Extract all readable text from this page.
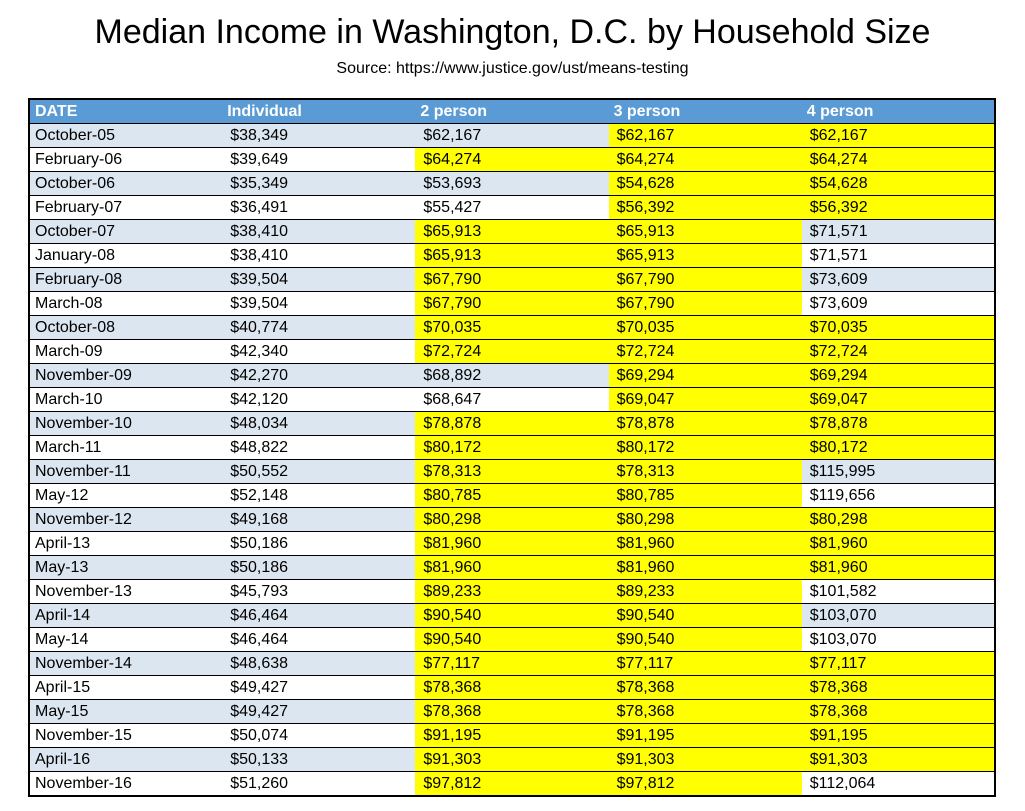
Median Income in Washington, D.C. by Household Size
Source: https://www.justice.gov/ust/means-testing
DATE	Individual	2 person	3 person	4 person
October-05	$38,349	$62,167	$62,167	$62,167
February-06	$39,649	$64,274	$64,274	$64,274
October-06	$35,349	$53,693	$54,628	$54,628
February-07	$36,491	$55,427	$56,392	$56,392
October-07	$38,410	$65,913	$65,913	$71,571
January-08	$38,410	$65,913	$65,913	$71,571
February-08	$39,504	$67,790	$67,790	$73,609
March-08	$39,504	$67,790	$67,790	$73,609
October-08	$40,774	$70,035	$70,035	$70,035
March-09	$42,340	$72,724	$72,724	$72,724
November-09	$42,270	$68,892	$69,294	$69,294
March-10	$42,120	$68,647	$69,047	$69,047
November-10	$48,034	$78,878	$78,878	$78,878
March-11	$48,822	$80,172	$80,172	$80,172
November-11	$50,552	$78,313	$78,313	$115,995
May-12	$52,148	$80,785	$80,785	$119,656
November-12	$49,168	$80,298	$80,298	$80,298
April-13	$50,186	$81,960	$81,960	$81,960
May-13	$50,186	$81,960	$81,960	$81,960
November-13	$45,793	$89,233	$89,233	$101,582
April-14	$46,464	$90,540	$90,540	$103,070
May-14	$46,464	$90,540	$90,540	$103,070
November-14	$48,638	$77,117	$77,117	$77,117
April-15	$49,427	$78,368	$78,368	$78,368
May-15	$49,427	$78,368	$78,368	$78,368
November-15	$50,074	$91,195	$91,195	$91,195
April-16	$50,133	$91,303	$91,303	$91,303
November-16	$51,260	$97,812	$97,812	$112,064
